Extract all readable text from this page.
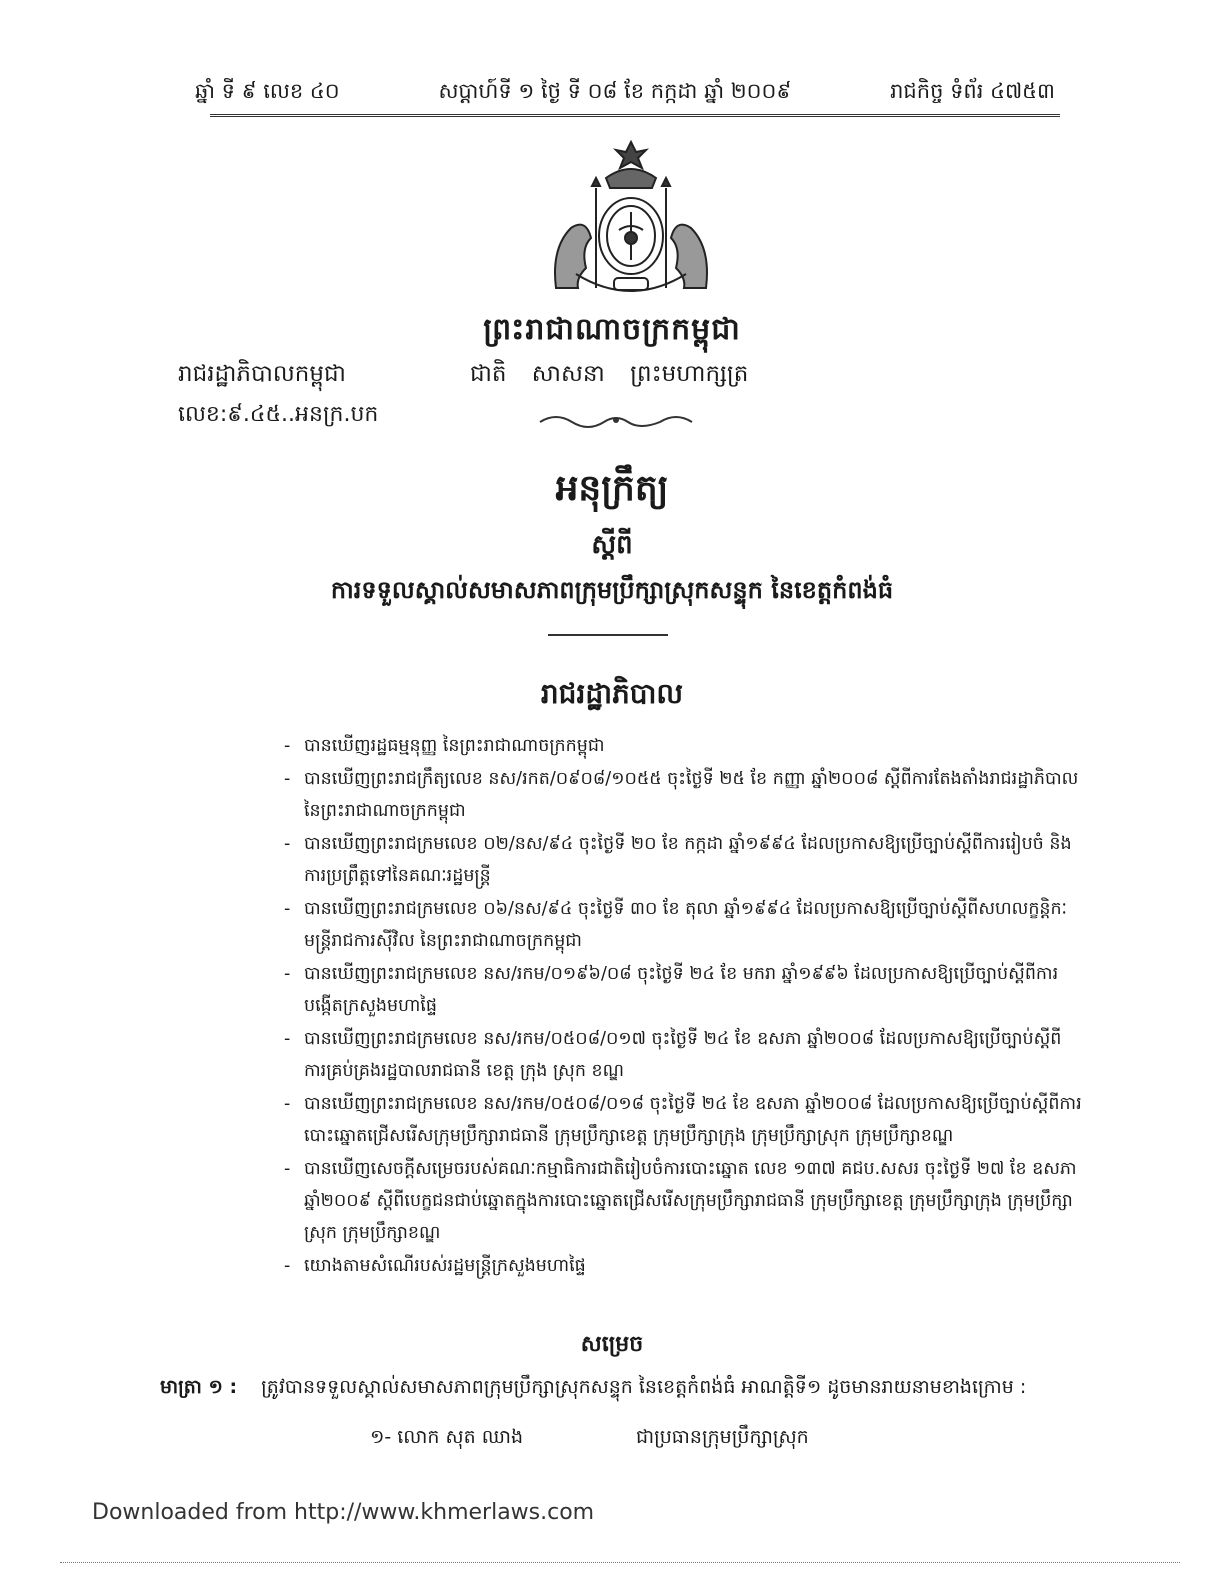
ឆ្នាំ ទី ៩ លេខ ៤០	សប្តាហ៍ទី ១ ថ្ងៃ ទី ០៨ ខែ កក្កដា ឆ្នាំ ២០០៩	រាជកិច្ច ទំព័រ ៤៧៥៣
ព្រះរាជាណាចក្រកម្ពុជា
រាជរដ្ឋាភិបាលកម្ពុជា	ជាតិ សាសនា ព្រះមហាក្សត្រ
លេខ:៩.៤៥..អនក្រ.បក
អនុក្រឹត្យ
ស្តីពី
ការទទួលស្គាល់សមាសភាពក្រុមប្រឹក្សាស្រុកសន្ទុក នៃខេត្តកំពង់ធំ
រាជរដ្ឋាភិបាល
- បានឃើញរដ្ឋធម្មនុញ្ញ នៃព្រះរាជាណាចក្រកម្ពុជា
- បានឃើញព្រះរាជក្រឹត្យលេខ នស/រកត/០៩០៨/១០៥៥ ចុះថ្ងៃទី ២៥ ខែ កញ្ញា ឆ្នាំ២០០៨ ស្តីពីការតែងតាំងរាជរដ្ឋាភិបាល នៃព្រះរាជាណាចក្រកម្ពុជា
- បានឃើញព្រះរាជក្រមលេខ ០២/នស/៩៤ ចុះថ្ងៃទី ២០ ខែ កក្កដា ឆ្នាំ១៩៩៤ ដែលប្រកាសឱ្យប្រើច្បាប់ស្តីពីការរៀបចំ និងការប្រព្រឹត្តទៅនៃគណៈរដ្ឋមន្ត្រី
- បានឃើញព្រះរាជក្រមលេខ ០៦/នស/៩៤ ចុះថ្ងៃទី ៣០ ខែ តុលា ឆ្នាំ១៩៩៤ ដែលប្រកាសឱ្យប្រើច្បាប់ស្តីពីសហលក្ខន្តិកៈមន្ត្រីរាជការស៊ីវិល នៃព្រះរាជាណាចក្រកម្ពុជា
- បានឃើញព្រះរាជក្រមលេខ នស/រកម/០១៩៦/០៨ ចុះថ្ងៃទី ២៤ ខែ មករា ឆ្នាំ១៩៩៦ ដែលប្រកាសឱ្យប្រើច្បាប់ស្តីពីការបង្កើតក្រសួងមហាផ្ទៃ
- បានឃើញព្រះរាជក្រមលេខ នស/រកម/០៥០៨/០១៧ ចុះថ្ងៃទី ២៤ ខែ ឧសភា ឆ្នាំ២០០៨ ដែលប្រកាសឱ្យប្រើច្បាប់ស្តីពីការគ្រប់គ្រងរដ្ឋបាលរាជធានី ខេត្ត ក្រុង ស្រុក ខណ្ឌ
- បានឃើញព្រះរាជក្រមលេខ នស/រកម/០៥០៨/០១៨ ចុះថ្ងៃទី ២៤ ខែ ឧសភា ឆ្នាំ២០០៨ ដែលប្រកាសឱ្យប្រើច្បាប់ស្តីពីការបោះឆ្នោតជ្រើសរើសក្រុមប្រឹក្សារាជធានី ក្រុមប្រឹក្សាខេត្ត ក្រុមប្រឹក្សាក្រុង ក្រុមប្រឹក្សាស្រុក ក្រុមប្រឹក្សាខណ្ឌ
- បានឃើញសេចក្តីសម្រេចរបស់គណៈកម្មាធិការជាតិរៀបចំការបោះឆ្នោត លេខ ១៣៧ គជប.សសរ ចុះថ្ងៃទី ២៧ ខែ ឧសភា ឆ្នាំ២០០៩ ស្តីពីបេក្ខជនជាប់ឆ្នោតក្នុងការបោះឆ្នោតជ្រើសរើសក្រុមប្រឹក្សារាជធានី ក្រុមប្រឹក្សាខេត្ត ក្រុមប្រឹក្សាក្រុង ក្រុមប្រឹក្សាស្រុក ក្រុមប្រឹក្សាខណ្ឌ
- យោងតាមសំណើរបស់រដ្ឋមន្ត្រីក្រសួងមហាផ្ទៃ
សម្រេច
មាត្រា ១ : ត្រូវបានទទួលស្គាល់សមាសភាពក្រុមប្រឹក្សាស្រុកសន្ទុក នៃខេត្តកំពង់ធំ អាណត្តិទី១ ដូចមានរាយនាមខាងក្រោម :
១- លោក សុត ឈាង	ជាប្រធានក្រុមប្រឹក្សាស្រុក
Downloaded from http://www.khmerlaws.com
